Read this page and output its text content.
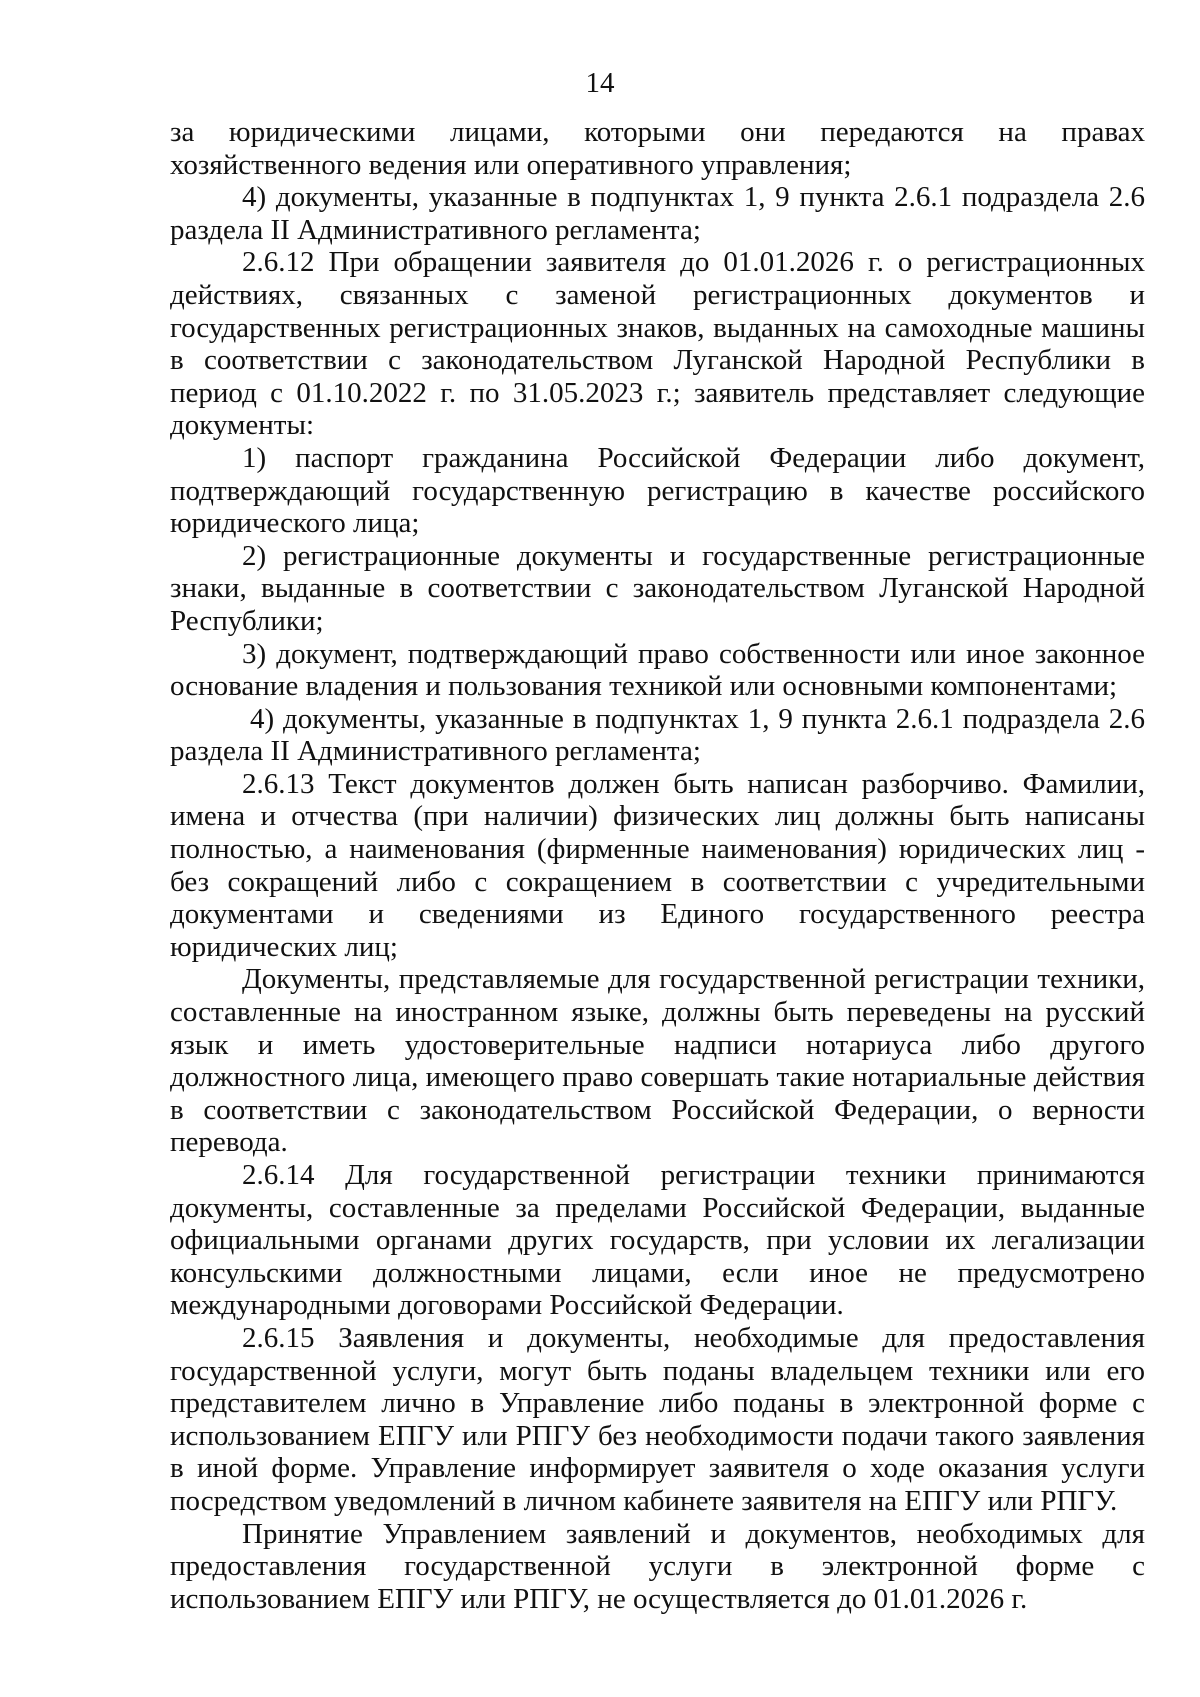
14

за юридическими лицами, которыми они передаются на правах хозяйственного ведения или оперативного управления;

4) документы, указанные в подпунктах 1, 9 пункта 2.6.1 подраздела 2.6 раздела II Административного регламента;

2.6.12 При обращении заявителя до 01.01.2026 г. о регистрационных действиях, связанных с заменой регистрационных документов и государственных регистрационных знаков, выданных на самоходные машины в соответствии с законодательством Луганской Народной Республики в период с 01.10.2022 г. по 31.05.2023 г.; заявитель представляет следующие документы:

1) паспорт гражданина Российской Федерации либо документ, подтверждающий государственную регистрацию в качестве российского юридического лица;

2) регистрационные документы и государственные регистрационные знаки, выданные в соответствии с законодательством Луганской Народной Республики;

3) документ, подтверждающий право собственности или иное законное основание владения и пользования техникой или основными компонентами;

4) документы, указанные в подпунктах 1, 9 пункта 2.6.1 подраздела 2.6 раздела II Административного регламента;

2.6.13 Текст документов должен быть написан разборчиво. Фамилии, имена и отчества (при наличии) физических лиц должны быть написаны полностью, а наименования (фирменные наименования) юридических лиц - без сокращений либо с сокращением в соответствии с учредительными документами и сведениями из Единого государственного реестра юридических лиц;

Документы, представляемые для государственной регистрации техники, составленные на иностранном языке, должны быть переведены на русский язык и иметь удостоверительные надписи нотариуса либо другого должностного лица, имеющего право совершать такие нотариальные действия в соответствии с законодательством Российской Федерации, о верности перевода.

2.6.14 Для государственной регистрации техники принимаются документы, составленные за пределами Российской Федерации, выданные официальными органами других государств, при условии их легализации консульскими должностными лицами, если иное не предусмотрено международными договорами Российской Федерации.

2.6.15 Заявления и документы, необходимые для предоставления государственной услуги, могут быть поданы владельцем техники или его представителем лично в Управление либо поданы в электронной форме с использованием ЕПГУ или РПГУ без необходимости подачи такого заявления в иной форме. Управление информирует заявителя о ходе оказания услуги посредством уведомлений в личном кабинете заявителя на ЕПГУ или РПГУ.

Принятие Управлением заявлений и документов, необходимых для предоставления государственной услуги в электронной форме с использованием ЕПГУ или РПГУ, не осуществляется до 01.01.2026 г.
